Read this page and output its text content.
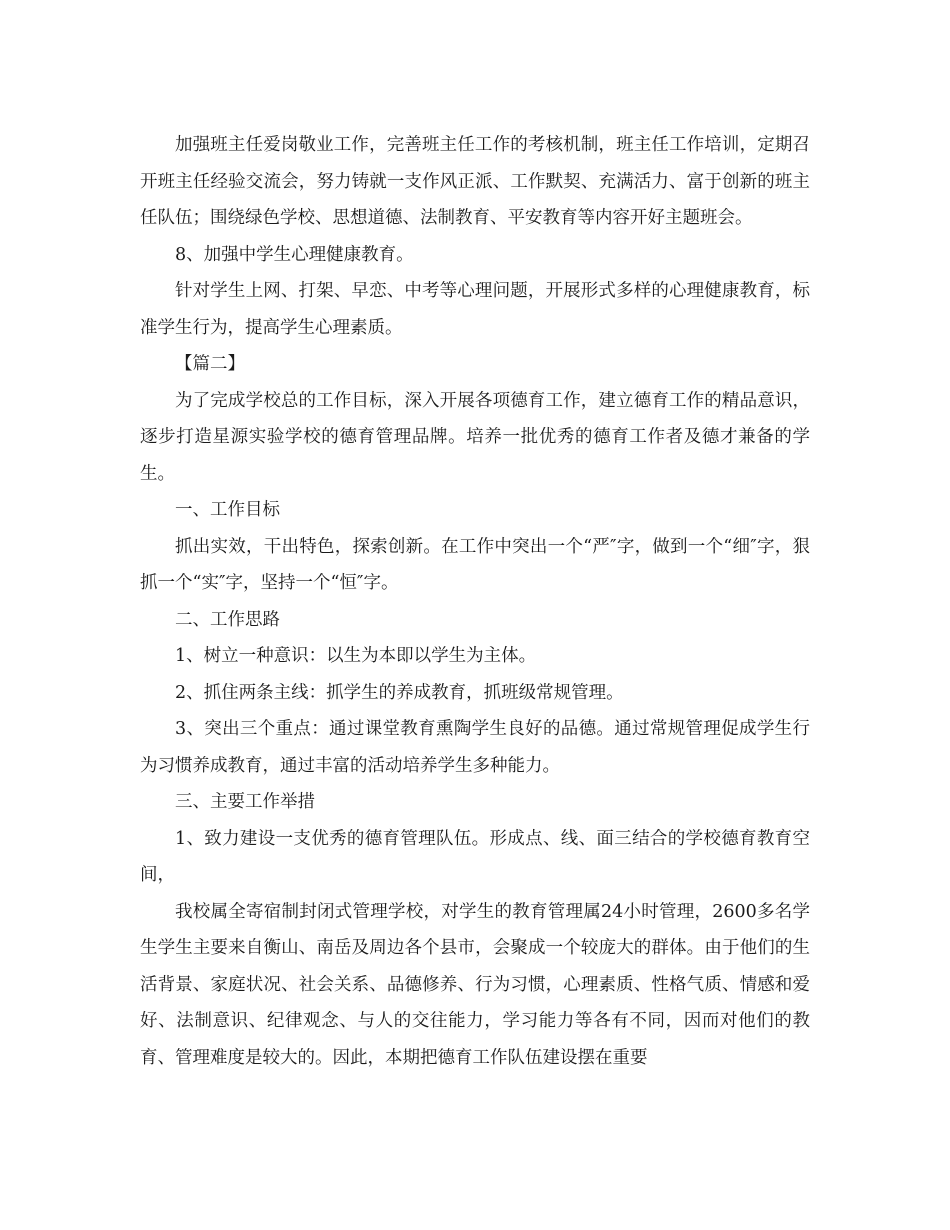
加强班主任爱岗敬业工作，完善班主任工作的考核机制，班主任工作培训，定期召开班主任经验交流会，努力铸就一支作风正派、工作默契、充满活力、富于创新的班主任队伍；围绕绿色学校、思想道德、法制教育、平安教育等内容开好主题班会。

8、加强中学生心理健康教育。

针对学生上网、打架、早恋、中考等心理问题，开展形式多样的心理健康教育，标准学生行为，提高学生心理素质。

【篇二】

为了完成学校总的工作目标，深入开展各项德育工作，建立德育工作的精品意识，逐步打造星源实验学校的德育管理品牌。培养一批优秀的德育工作者及德才兼备的学生。

一、工作目标

抓出实效，干出特色，探索创新。在工作中突出一个“严″字，做到一个“细″字，狠抓一个“实″字，坚持一个“恒″字。

二、工作思路

1、树立一种意识：以生为本即以学生为主体。

2、抓住两条主线：抓学生的养成教育，抓班级常规管理。

3、突出三个重点：通过课堂教育熏陶学生良好的品德。通过常规管理促成学生行为习惯养成教育，通过丰富的活动培养学生多种能力。

三、主要工作举措

1、致力建设一支优秀的德育管理队伍。形成点、线、面三结合的学校德育教育空间，

我校属全寄宿制封闭式管理学校，对学生的教育管理属24小时管理，2600多名学生学生主要来自衡山、南岳及周边各个县市，会聚成一个较庞大的群体。由于他们的生活背景、家庭状况、社会关系、品德修养、行为习惯，心理素质、性格气质、情感和爱好、法制意识、纪律观念、与人的交往能力，学习能力等各有不同，因而对他们的教育、管理难度是较大的。因此，本期把德育工作队伍建设摆在重要
